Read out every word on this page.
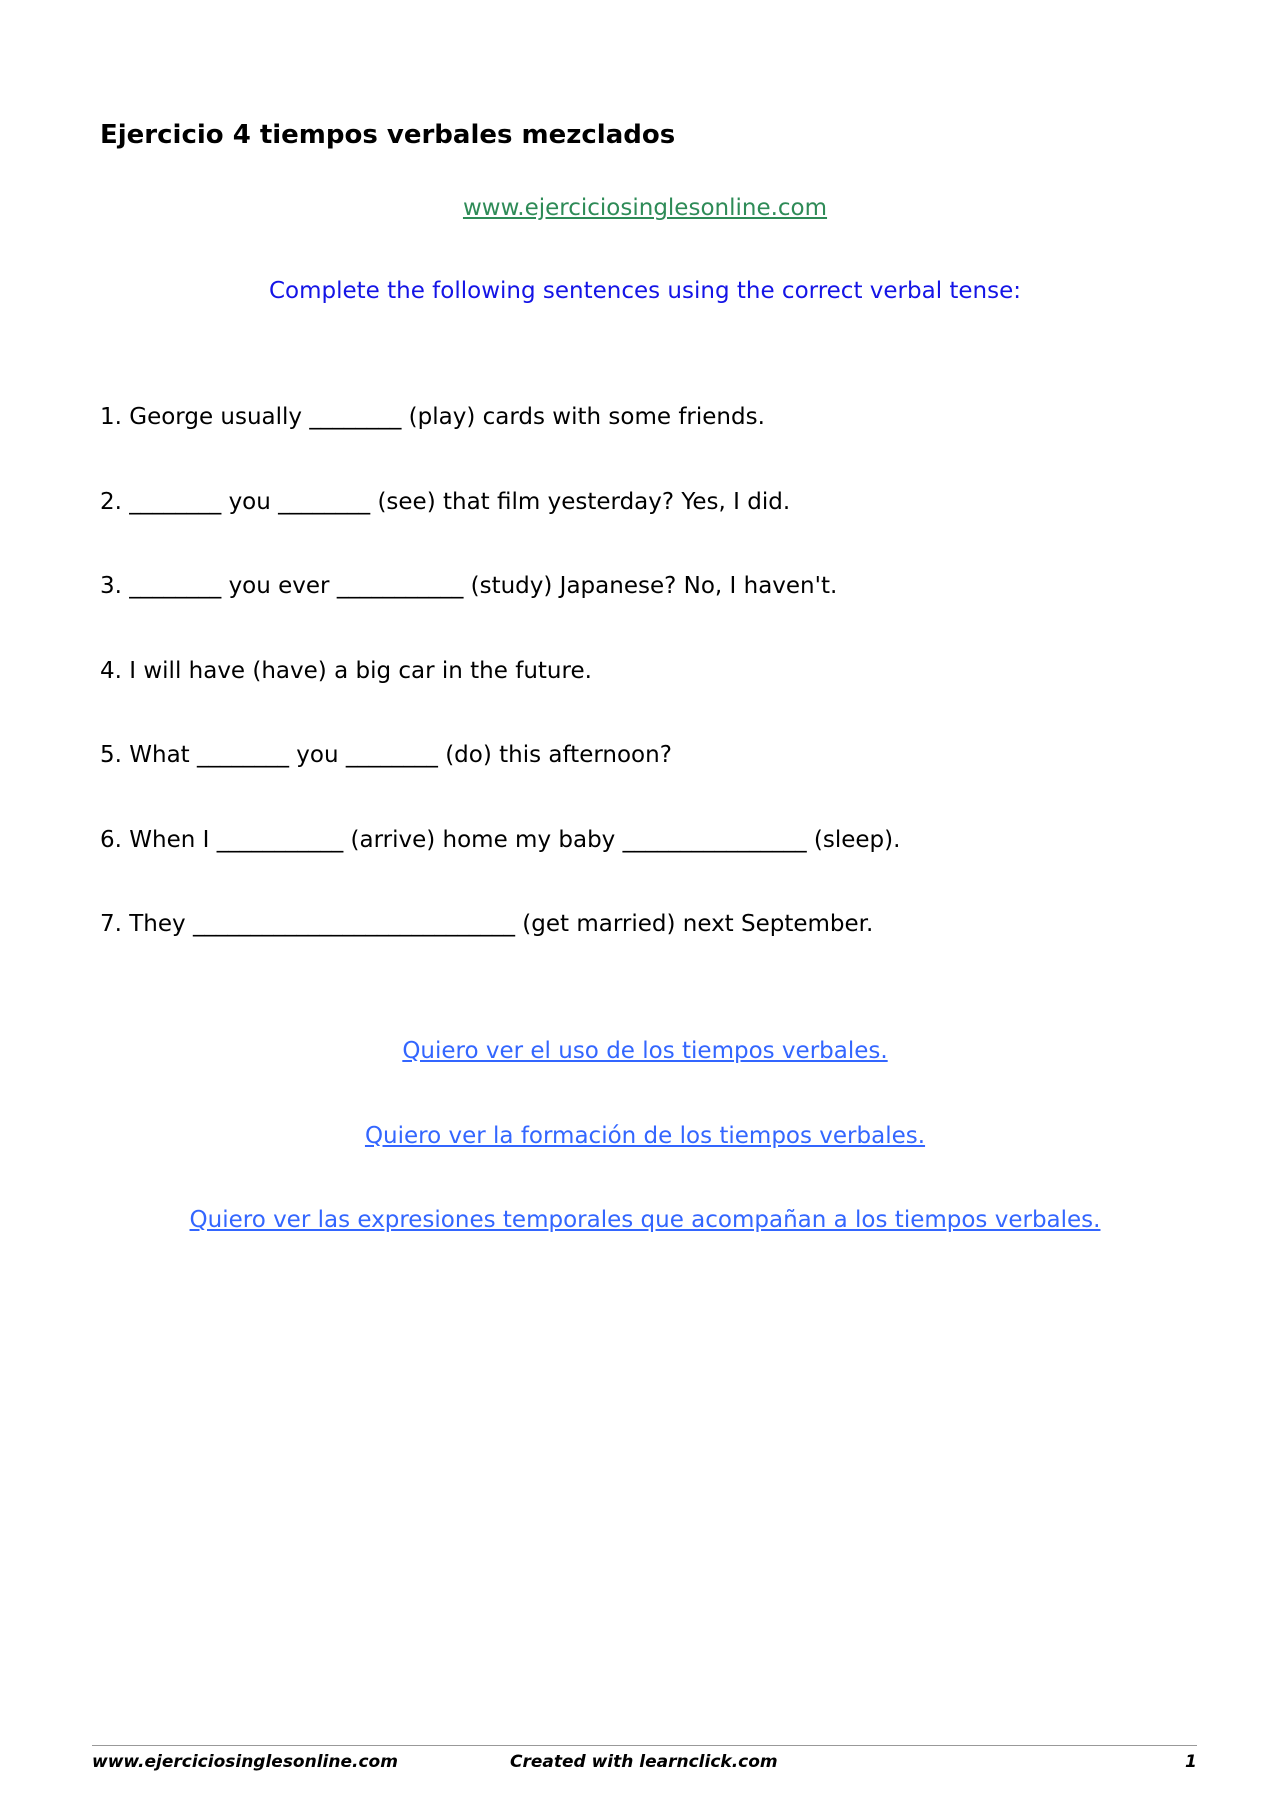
Ejercicio 4 tiempos verbales mezclados
www.ejerciciosinglesonline.com
Complete the following sentences using the correct verbal tense:
1. George usually ________ (play) cards with some friends.
2. ________ you ________ (see) that film yesterday? Yes, I did.
3. ________ you ever ___________ (study) Japanese? No, I haven't.
4. I will have (have) a big car in the future.
5. What ________ you ________ (do) this afternoon?
6. When I ___________ (arrive) home my baby ________________ (sleep).
7. They ____________________________ (get married) next September.
Quiero ver el uso de los tiempos verbales.
Quiero ver la formación de los tiempos verbales.
Quiero ver las expresiones temporales que acompañan a los tiempos verbales.
www.ejerciciosinglesonline.com	Created with learnclick.com	1
